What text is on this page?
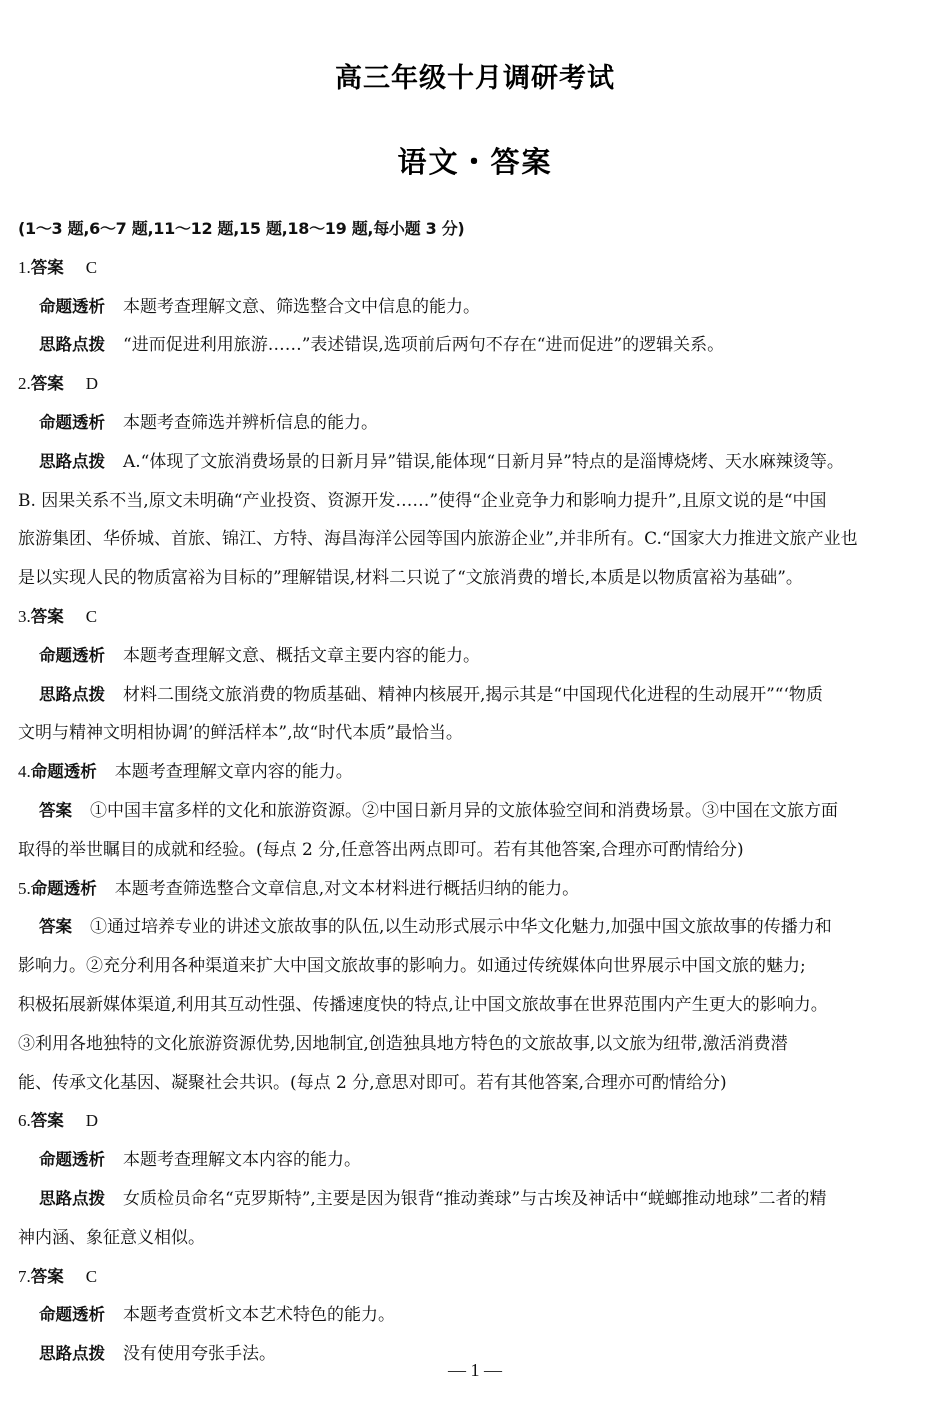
高三年级十月调研考试
语文・答案
(1～3 题,6～7 题,11～12 题,15 题,18～19 题,每小题 3 分)
1.答案 C
命题透析 本题考查理解文意、筛选整合文中信息的能力。
思路点拨 “进而促进利用旅游……”表述错误,选项前后两句不存在“进而促进”的逻辑关系。
2.答案 D
命题透析 本题考查筛选并辨析信息的能力。
思路点拨 A.“体现了文旅消费场景的日新月异”错误,能体现“日新月异”特点的是淄博烧烤、天水麻辣烫等。
B. 因果关系不当,原文未明确“产业投资、资源开发……”使得“企业竞争力和影响力提升”,且原文说的是“中国
旅游集团、华侨城、首旅、锦江、方特、海昌海洋公园等国内旅游企业”,并非所有。C.“国家大力推进文旅产业也
是以实现人民的物质富裕为目标的”理解错误,材料二只说了“文旅消费的增长,本质是以物质富裕为基础”。
3.答案 C
命题透析 本题考查理解文意、概括文章主要内容的能力。
思路点拨 材料二围绕文旅消费的物质基础、精神内核展开,揭示其是“中国现代化进程的生动展开”“‘物质
文明与精神文明相协调’的鲜活样本”,故“时代本质”最恰当。
4.命题透析 本题考查理解文章内容的能力。
答案 ①中国丰富多样的文化和旅游资源。②中国日新月异的文旅体验空间和消费场景。③中国在文旅方面
取得的举世瞩目的成就和经验。(每点 2 分,任意答出两点即可。若有其他答案,合理亦可酌情给分)
5.命题透析 本题考查筛选整合文章信息,对文本材料进行概括归纳的能力。
答案 ①通过培养专业的讲述文旅故事的队伍,以生动形式展示中华文化魅力,加强中国文旅故事的传播力和
影响力。②充分利用各种渠道来扩大中国文旅故事的影响力。如通过传统媒体向世界展示中国文旅的魅力;
积极拓展新媒体渠道,利用其互动性强、传播速度快的特点,让中国文旅故事在世界范围内产生更大的影响力。
③利用各地独特的文化旅游资源优势,因地制宜,创造独具地方特色的文旅故事,以文旅为纽带,激活消费潜
能、传承文化基因、凝聚社会共识。(每点 2 分,意思对即可。若有其他答案,合理亦可酌情给分)
6.答案 D
命题透析 本题考查理解文本内容的能力。
思路点拨 女质检员命名“克罗斯特”,主要是因为银背“推动粪球”与古埃及神话中“蜣螂推动地球”二者的精
神内涵、象征意义相似。
7.答案 C
命题透析 本题考查赏析文本艺术特色的能力。
思路点拨 没有使用夸张手法。
— 1 —
